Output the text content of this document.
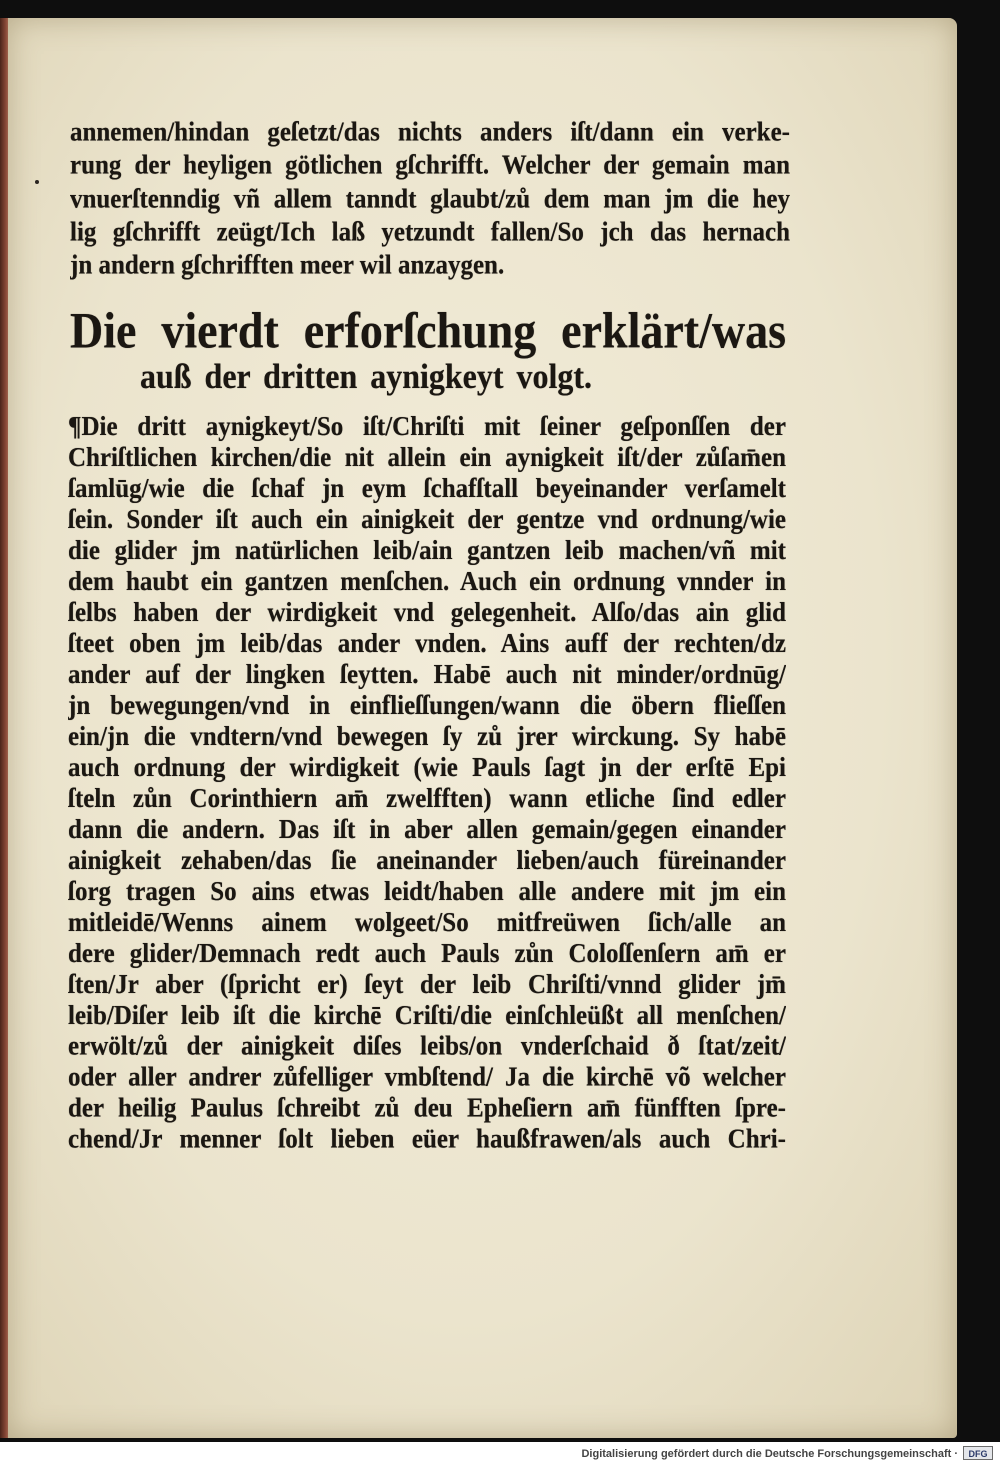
annemen/hindan geſetzt/das nichts anders iſt/dann ein verke-
rung der heyligen götlichen gſchrifft. Welcher der gemain man
vnuerſtenndig vñ allem tanndt glaubt/zů dem man jm die hey
lig gſchrifft zeügt/Ich laß yetzundt fallen/So jch das hernach
jn andern gſchrifften meer wil anzaygen.
Die vierdt erforſchung erklärt/was
auß der dritten aynigkeyt volgt.
¶Die dritt aynigkeyt/So iſt/Chriſti mit ſeiner geſponſſen der
Chriſtlichen kirchen/die nit allein ein aynigkeit iſt/der zůſam̄en
ſamlūg/wie die ſchaf jn eym ſchafſtall beyeinander verſamelt
ſein. Sonder iſt auch ein ainigkeit der gentze vnd ordnung/wie
die glider jm natürlichen leib/ain gantzen leib machen/vñ mit
dem haubt ein gantzen menſchen. Auch ein ordnung vnnder in
ſelbs haben der wirdigkeit vnd gelegenheit. Alſo/das ain glid
ſteet oben jm leib/das ander vnden. Ains auff der rechten/dz
ander auf der lingken ſeytten. Habē auch nit minder/ordnūg/
jn bewegungen/vnd in einflieſſungen/wann die öbern flieſſen
ein/jn die vndtern/vnd bewegen ſy zů jrer wirckung. Sy habē
auch ordnung der wirdigkeit (wie Pauls ſagt jn der erſtē Epi
ſteln zůn Corinthiern am̄ zwelfften) wann etliche ſind edler
dann die andern. Das iſt in aber allen gemain/gegen einander
ainigkeit zehaben/das ſie aneinander lieben/auch füreinander
ſorg tragen So ains etwas leidt/haben alle andere mit jm ein
mitleidē/Wenns ainem wolgeet/So mitfreüwen ſich/alle an
dere glider/Demnach redt auch Pauls zůn Coloſſenſern am̄ er
ſten/Jr aber (ſpricht er) ſeyt der leib Chriſti/vnnd glider jm̄
leib/Diſer leib iſt die kirchē Criſti/die einſchleüßt all menſchen/
erwölt/zů der ainigkeit diſes leibs/on vnderſchaid ð ſtat/zeit/
oder aller andrer zůfelliger vmbſtend/ Ja die kirchē võ welcher
der heilig Paulus ſchreibt zů deu Epheſiern am̄ fünfften ſpre-
chend/Jr menner ſolt lieben eüer haußfrawen/als auch Chri-
Digitalisierung gefördert durch die Deutsche Forschungsgemeinschaft ·	DFG
